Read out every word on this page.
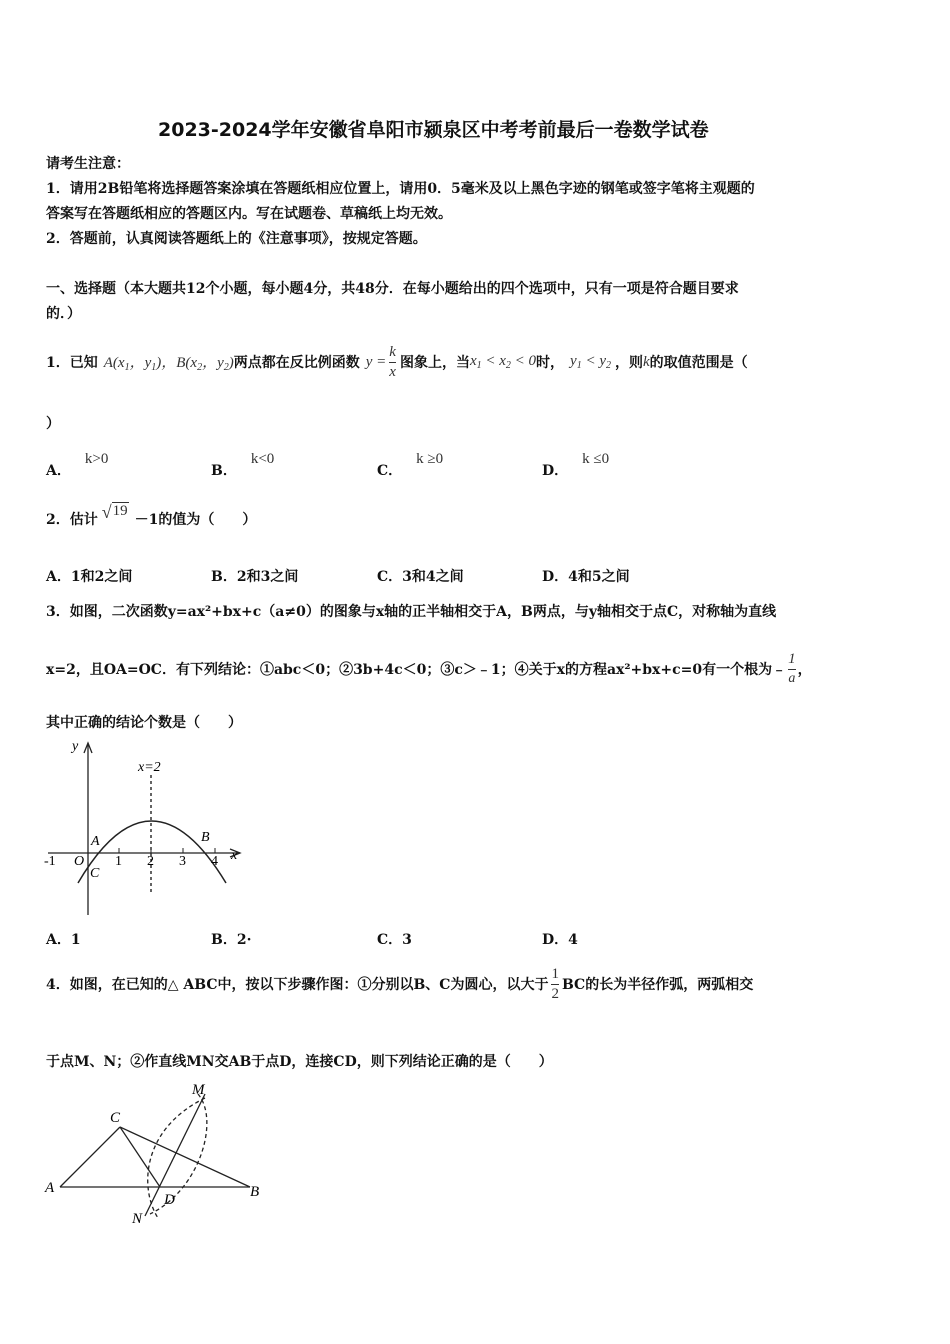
2023-2024学年安徽省阜阳市颍泉区中考考前最后一卷数学试卷
请考生注意：
1．请用2B铅笔将选择题答案涂填在答题纸相应位置上，请用0．5毫米及以上黑色字迹的钢笔或签字笔将主观题的
答案写在答题纸相应的答题区内。写在试题卷、草稿纸上均无效。
2．答题前，认真阅读答题纸上的《注意事项》，按规定答题。
一、选择题（本大题共12个小题，每小题4分，共48分．在每小题给出的四个选项中，只有一项是符合题目要求
的．）
1．已知 $A(x_1$，$y_1$)， $B(x_2$，$y_2$) 两点都在反比例函数 $y = \frac{k}{x}$ 图象上，当 $x_1 < x_2 < 0$ 时， $y_1 < y_2$ ，则 k 的取值范围是（
）
A．k>0
B．k<0
C．k ≥0
D．k ≤0
2．估计 √ 19
－1的值为（　　）
A．1和2之间	B．2和3之间	C．3和4之间	D．4和5之间
3．如图，二次函数y=ax²+bx+c（a≠0）的图象与x轴的正半轴相交于A，B两点，与y轴相交于点C，对称轴为直线
x=2，且OA=OC．有下列结论：①abc＜0；②3b+4c＜0；③c＞﹣1；④关于x的方程ax²+bx+c=0有一个根为﹣ $\frac{1}{a}$ ，
其中正确的结论个数是（　　）
y
x
x=2
-1 O 1 2 3 4
A	B
C
A．1	B．2·	C．3	D．4
4．如图，在已知的△ ABC中，按以下步骤作图：①分别以B、C为圆心，以大于 $\frac{1}{2}$ BC的长为半径作弧，两弧相交
于点M、N；②作直线MN交AB于点D，连接CD，则下列结论正确的是（　　）
C
M
A
D	B
N
